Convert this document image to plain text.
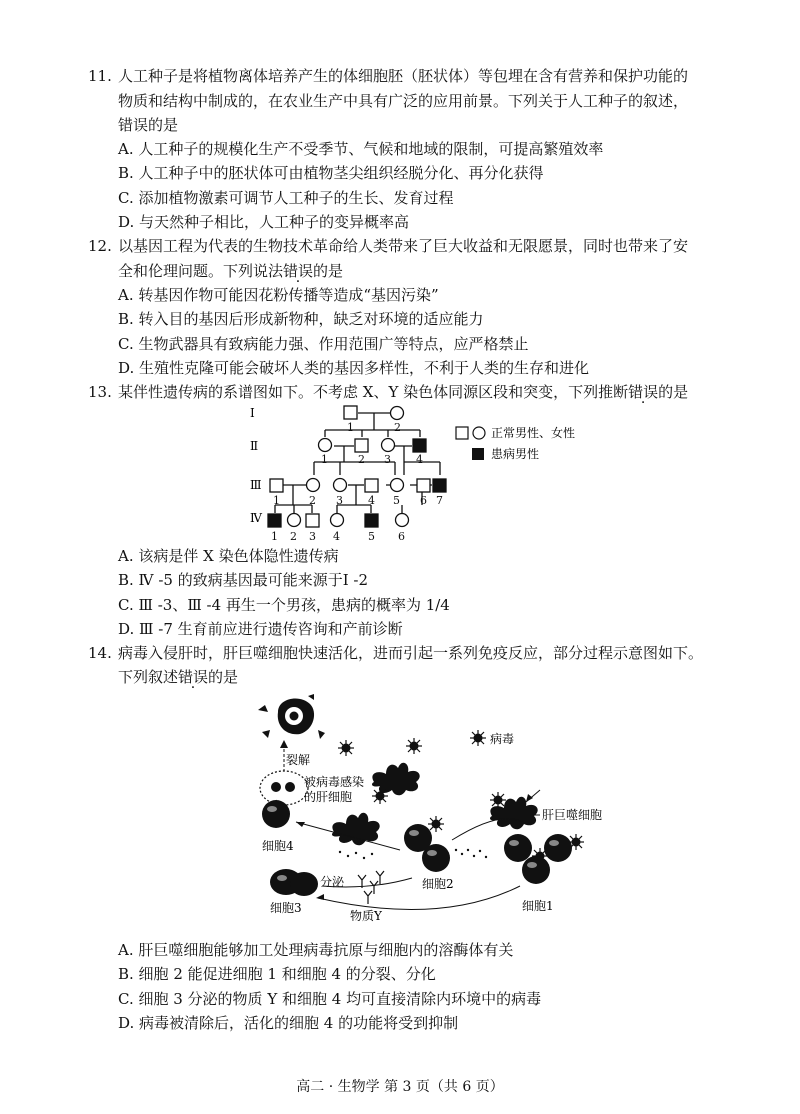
11. 人工种子是将植物离体培养产生的体细胞胚（胚状体）等包埋在含有营养和保护功能的
物质和结构中制成的，在农业生产中具有广泛的应用前景。下列关于人工种子的叙述，
错误的是
A. 人工种子的规模化生产不受季节、气候和地域的限制，可提高繁殖效率
B. 人工种子中的胚状体可由植物茎尖组织经脱分化、再分化获得
C. 添加植物激素可调节人工种子的生长、发育过程
D. 与天然种子相比，人工种子的变异概率高
12. 以基因工程为代表的生物技术革命给人类带来了巨大收益和无限愿景，同时也带来了安
全和伦理问题。下列说法错误的是
A. 转基因作物可能因花粉传播等造成“基因污染”
B. 转入目的基因后形成新物种，缺乏对环境的适应能力
C. 生物武器具有致病能力强、作用范围广等特点，应严格禁止
D. 生殖性克隆可能会破坏人类的基因多样性，不利于人类的生存和进化
13. 某伴性遗传病的系谱图如下。不考虑 X、Y 染色体同源区段和突变，下列推断错误的是
Ⅰ
Ⅱ
Ⅲ
Ⅳ
1	2
1	2 3 4
1	2 3 4 5 6 7
1 2 3 4	5 6
正常男性、女性
患病男性
A. 该病是伴 X 染色体隐性遗传病
B. Ⅳ -5 的致病基因最可能来源于Ⅰ -2
C. Ⅲ -3、Ⅲ -4 再生一个男孩，患病的概率为 1/4
D. Ⅲ -7 生育前应进行遗传咨询和产前诊断
14. 病毒入侵肝时，肝巨噬细胞快速活化，进而引起一系列免疫反应，部分过程示意图如下。
下列叙述错误的是
裂解
被病毒感染
的肝细胞
细胞4
肝巨噬细胞
病毒
细胞2
细胞1
细胞3
分泌
物质Y
A. 肝巨噬细胞能够加工处理病毒抗原与细胞内的溶酶体有关
B. 细胞 2 能促进细胞 1 和细胞 4 的分裂、分化
C. 细胞 3 分泌的物质 Y 和细胞 4 均可直接清除内环境中的病毒
D. 病毒被清除后，活化的细胞 4 的功能将受到抑制
高二 · 生物学 第 3 页（共 6 页）
